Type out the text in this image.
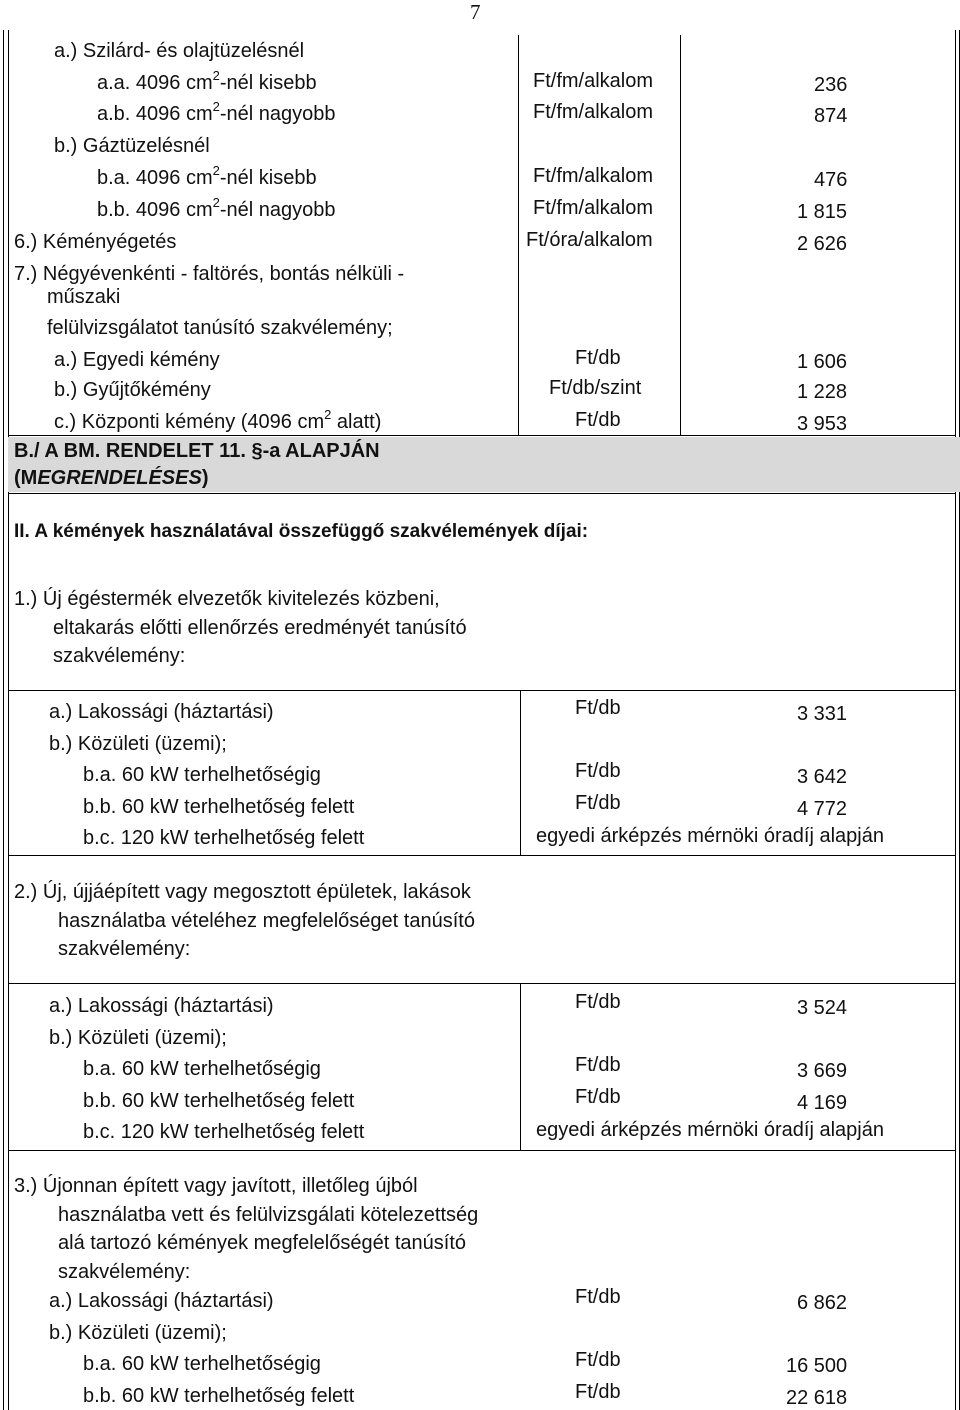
7
B./ A BM. RENDELET 11. §-a ALAPJÁN
(MEGRENDELÉSES)
II. A kémények használatával összefüggő szakvélemények díjai:
a.) Szilárd- és olajtüzelésnél
a.a. 4096 $cm^2$-nél kisebb	Ft/fm/alkalom	236
a.b. 4096 $cm^2$-nél nagyobb	Ft/fm/alkalom	874
b.) Gáztüzelésnél
b.a. 4096 $cm^2$-nél kisebb	Ft/fm/alkalom	476
b.b. 4096 $cm^2$-nél nagyobb	Ft/fm/alkalom	1 815
6.) Kéményégetés	Ft/óra/alkalom	2 626
7.) Négyévenkénti - faltörés, bontás nélküli -
műszaki
felülvizsgálatot tanúsító szakvélemény;
a.) Egyedi kémény	Ft/db	1 606
b.) Gyűjtőkémény	Ft/db/szint	1 228
c.) Központi kémény (4096 $cm^2$ alatt)	Ft/db	3 953
1.) Új égéstermék elvezetők kivitelezés közbeni,
eltakarás előtti ellenőrzés eredményét tanúsító
szakvélemény:
a.) Lakossági (háztartási)	Ft/db	3 331
b.) Közületi (üzemi);
b.a. 60 kW terhelhetőségig	Ft/db	3 642
b.b. 60 kW terhelhetőség felett	Ft/db	4 772
b.c. 120 kW terhelhetőség felett	egyedi árképzés mérnöki óradíj alapján
2.) Új, újjáépített vagy megosztott épületek, lakások
használatba vételéhez megfelelőséget tanúsító
szakvélemény:
a.) Lakossági (háztartási)	Ft/db	3 524
b.) Közületi (üzemi);
b.a. 60 kW terhelhetőségig	Ft/db	3 669
b.b. 60 kW terhelhetőség felett	Ft/db	4 169
b.c. 120 kW terhelhetőség felett	egyedi árképzés mérnöki óradíj alapján
3.) Újonnan épített vagy javított, illetőleg újból
használatba vett és felülvizsgálati kötelezettség
alá tartozó kémények megfelelőségét tanúsító
szakvélemény:
a.) Lakossági (háztartási)	Ft/db	6 862
b.) Közületi (üzemi);
b.a. 60 kW terhelhetőségig	Ft/db	16 500
b.b. 60 kW terhelhetőség felett	Ft/db	22 618
